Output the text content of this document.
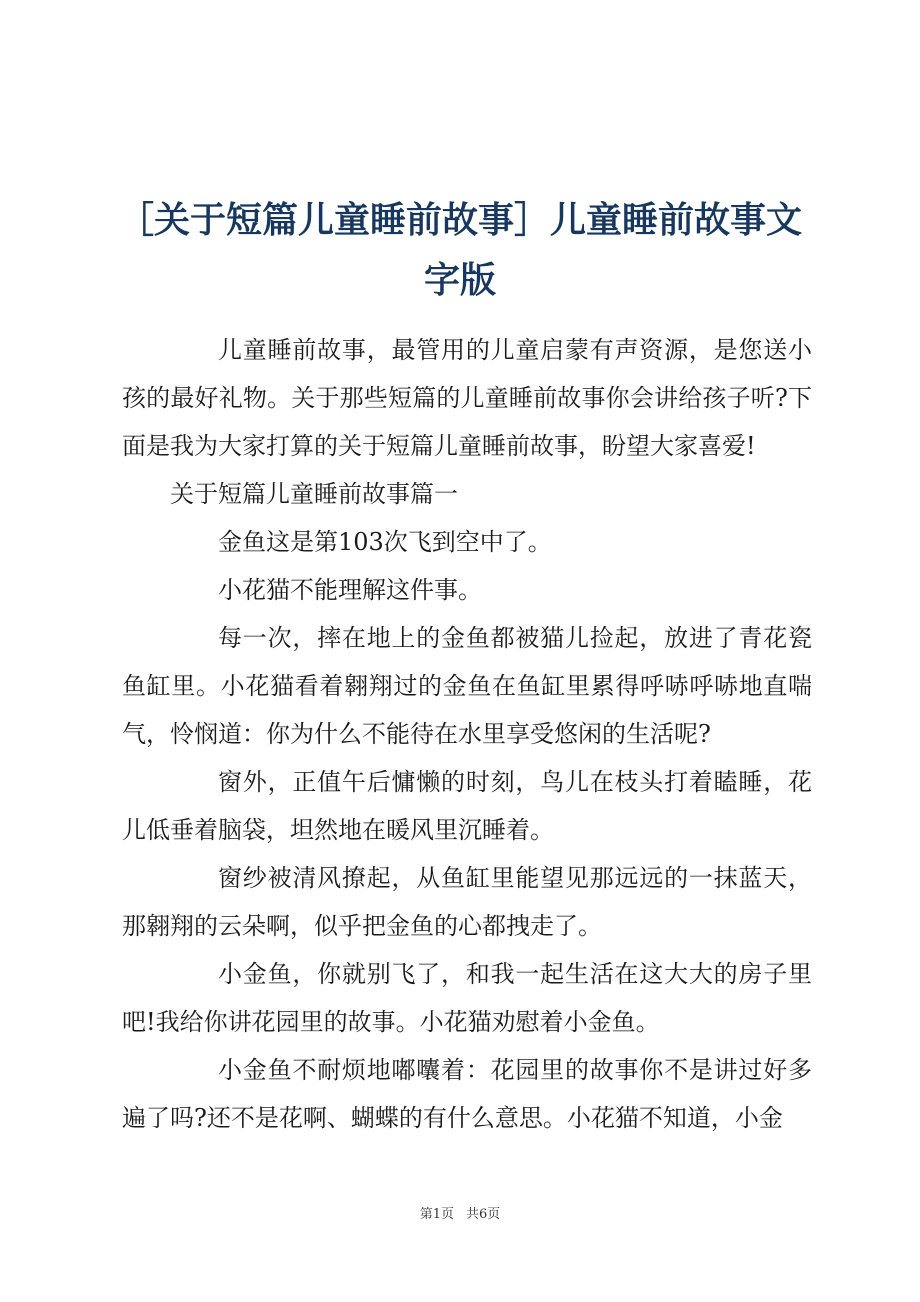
［关于短篇儿童睡前故事］儿童睡前故事文字版

儿童睡前故事，最管用的儿童启蒙有声资源，是您送小孩的最好礼物。关于那些短篇的儿童睡前故事你会讲给孩子听?下面是我为大家打算的关于短篇儿童睡前故事，盼望大家喜爱!

关于短篇儿童睡前故事篇一

金鱼这是第103次飞到空中了。

小花猫不能理解这件事。

每一次，摔在地上的金鱼都被猫儿捡起，放进了青花瓷鱼缸里。小花猫看着翱翔过的金鱼在鱼缸里累得呼哧呼哧地直喘气，怜悯道：你为什么不能待在水里享受悠闲的生活呢?

窗外，正值午后慵懒的时刻，鸟儿在枝头打着瞌睡，花儿低垂着脑袋，坦然地在暖风里沉睡着。

窗纱被清风撩起，从鱼缸里能望见那远远的一抹蓝天，那翱翔的云朵啊，似乎把金鱼的心都拽走了。

小金鱼，你就别飞了，和我一起生活在这大大的房子里吧!我给你讲花园里的故事。小花猫劝慰着小金鱼。

小金鱼不耐烦地嘟囔着：花园里的故事你不是讲过好多遍了吗?还不是花啊、蝴蝶的有什么意思。小花猫不知道，小金

第1页 共6页
